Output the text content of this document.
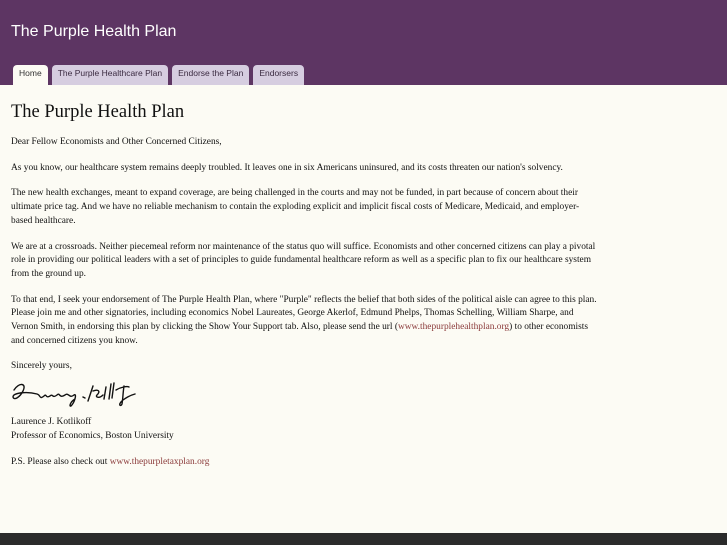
The Purple Health Plan
Home	The Purple Healthcare Plan	Endorse the Plan	Endorsers
The Purple Health Plan

Dear Fellow Economists and Other Concerned Citizens,

As you know, our healthcare system remains deeply troubled. It leaves one in six Americans uninsured, and its costs threaten our nation's solvency.

The new health exchanges, meant to expand coverage, are being challenged in the courts and may not be funded, in part because of concern about their ultimate price tag. And we have no reliable mechanism to contain the exploding explicit and implicit fiscal costs of Medicare, Medicaid, and employer-based healthcare.

We are at a crossroads. Neither piecemeal reform nor maintenance of the status quo will suffice. Economists and other concerned citizens can play a pivotal role in providing our political leaders with a set of principles to guide fundamental healthcare reform as well as a specific plan to fix our healthcare system from the ground up.

To that end, I seek your endorsement of The Purple Health Plan, where "Purple" reflects the belief that both sides of the political aisle can agree to this plan. Please join me and other signatories, including economics Nobel Laureates, George Akerlof, Edmund Phelps, Thomas Schelling, William Sharpe, and Vernon Smith, in endorsing this plan by clicking the Show Your Support tab. Also, please send the url (www.thepurplehealthplan.org) to other economists and concerned citizens you know.

Sincerely yours,

Laurence J. Kotlikoff
Professor of Economics, Boston University

P.S. Please also check out www.thepurpletaxplan.org
